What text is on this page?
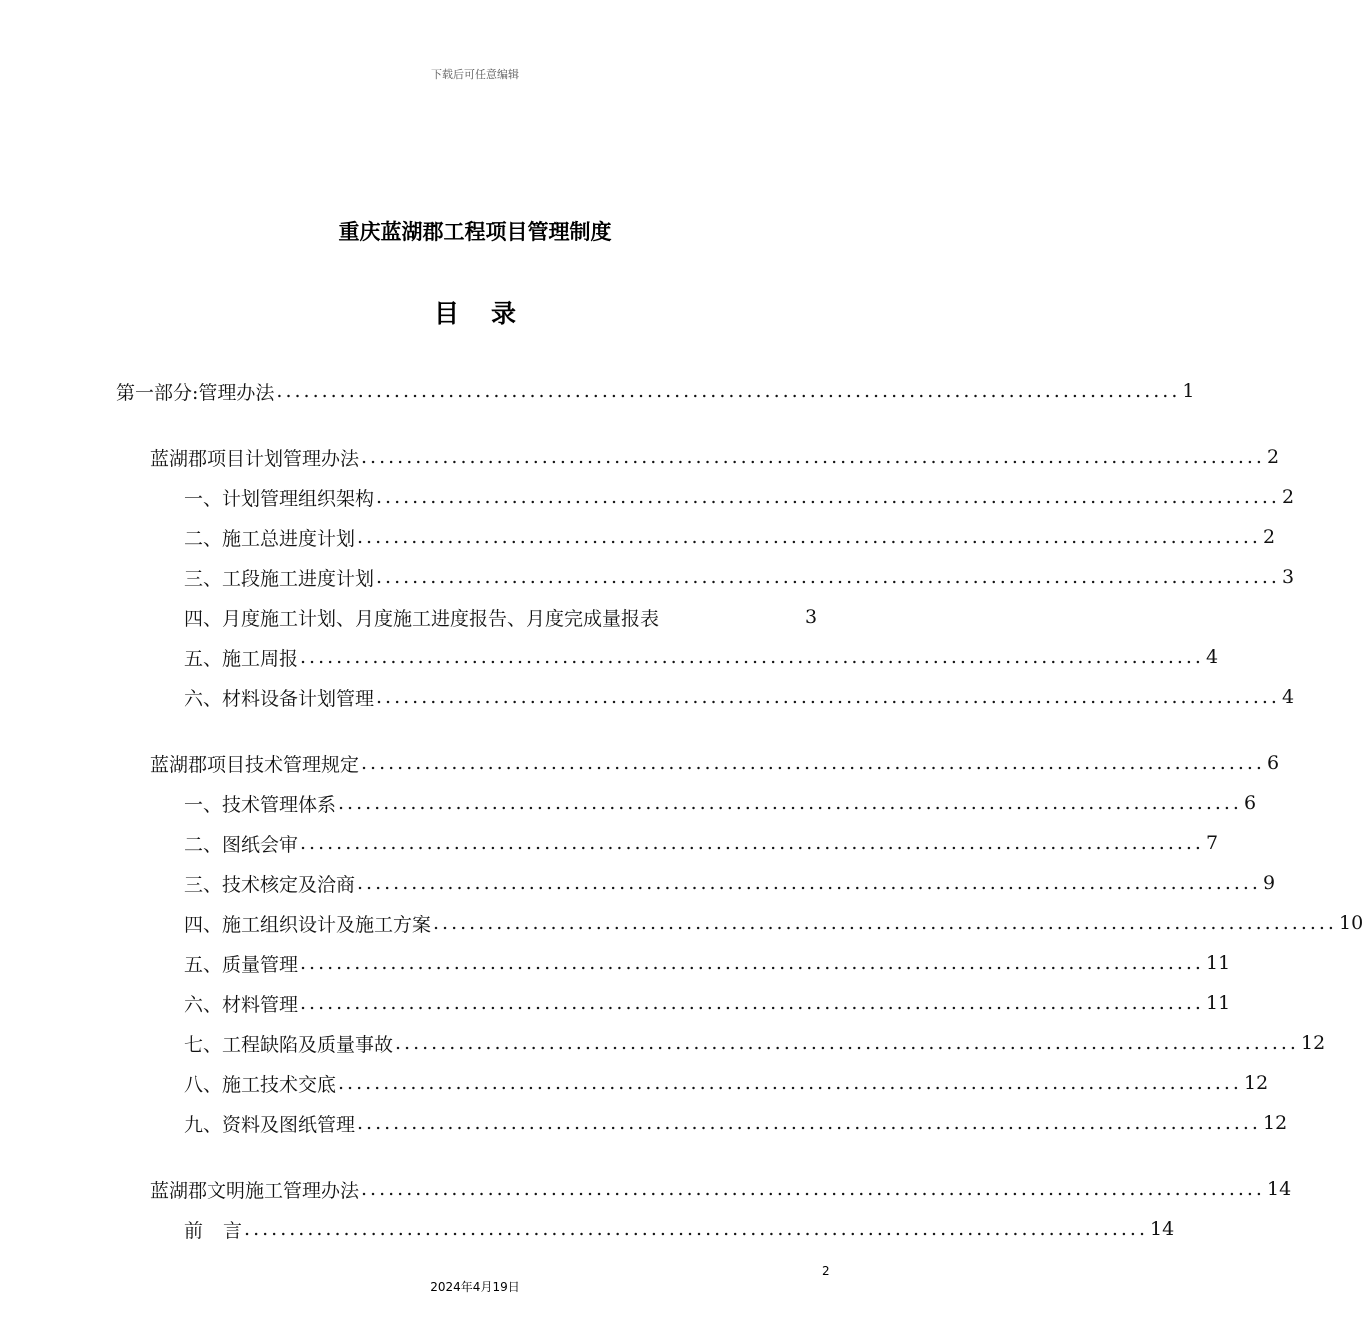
下载后可任意编辑
重庆蓝湖郡工程项目管理制度
目录
第一部分:管理办法 .................................................................................................... 1
蓝湖郡项目计划管理办法 .................................................................................................... 2
一、计划管理组织架构 .................................................................................................... 2
二、施工总进度计划 .................................................................................................... 2
三、工段施工进度计划 .................................................................................................... 3
四、月度施工计划、月度施工进度报告、月度完成量报表	3
五、施工周报 .................................................................................................... 4
六、材料设备计划管理 .................................................................................................... 4
蓝湖郡项目技术管理规定 .................................................................................................... 6
一、技术管理体系 .................................................................................................... 6
二、图纸会审 .................................................................................................... 7
三、技术核定及洽商 .................................................................................................... 9
四、施工组织设计及施工方案 .................................................................................................... 10
五、质量管理 .................................................................................................... 11
六、材料管理 .................................................................................................... 11
七、工程缺陷及质量事故 .................................................................................................... 12
八、施工技术交底 .................................................................................................... 12
九、资料及图纸管理 .................................................................................................... 12
蓝湖郡文明施工管理办法 .................................................................................................... 14
前 言 .................................................................................................... 14
2
2024年4月19日
